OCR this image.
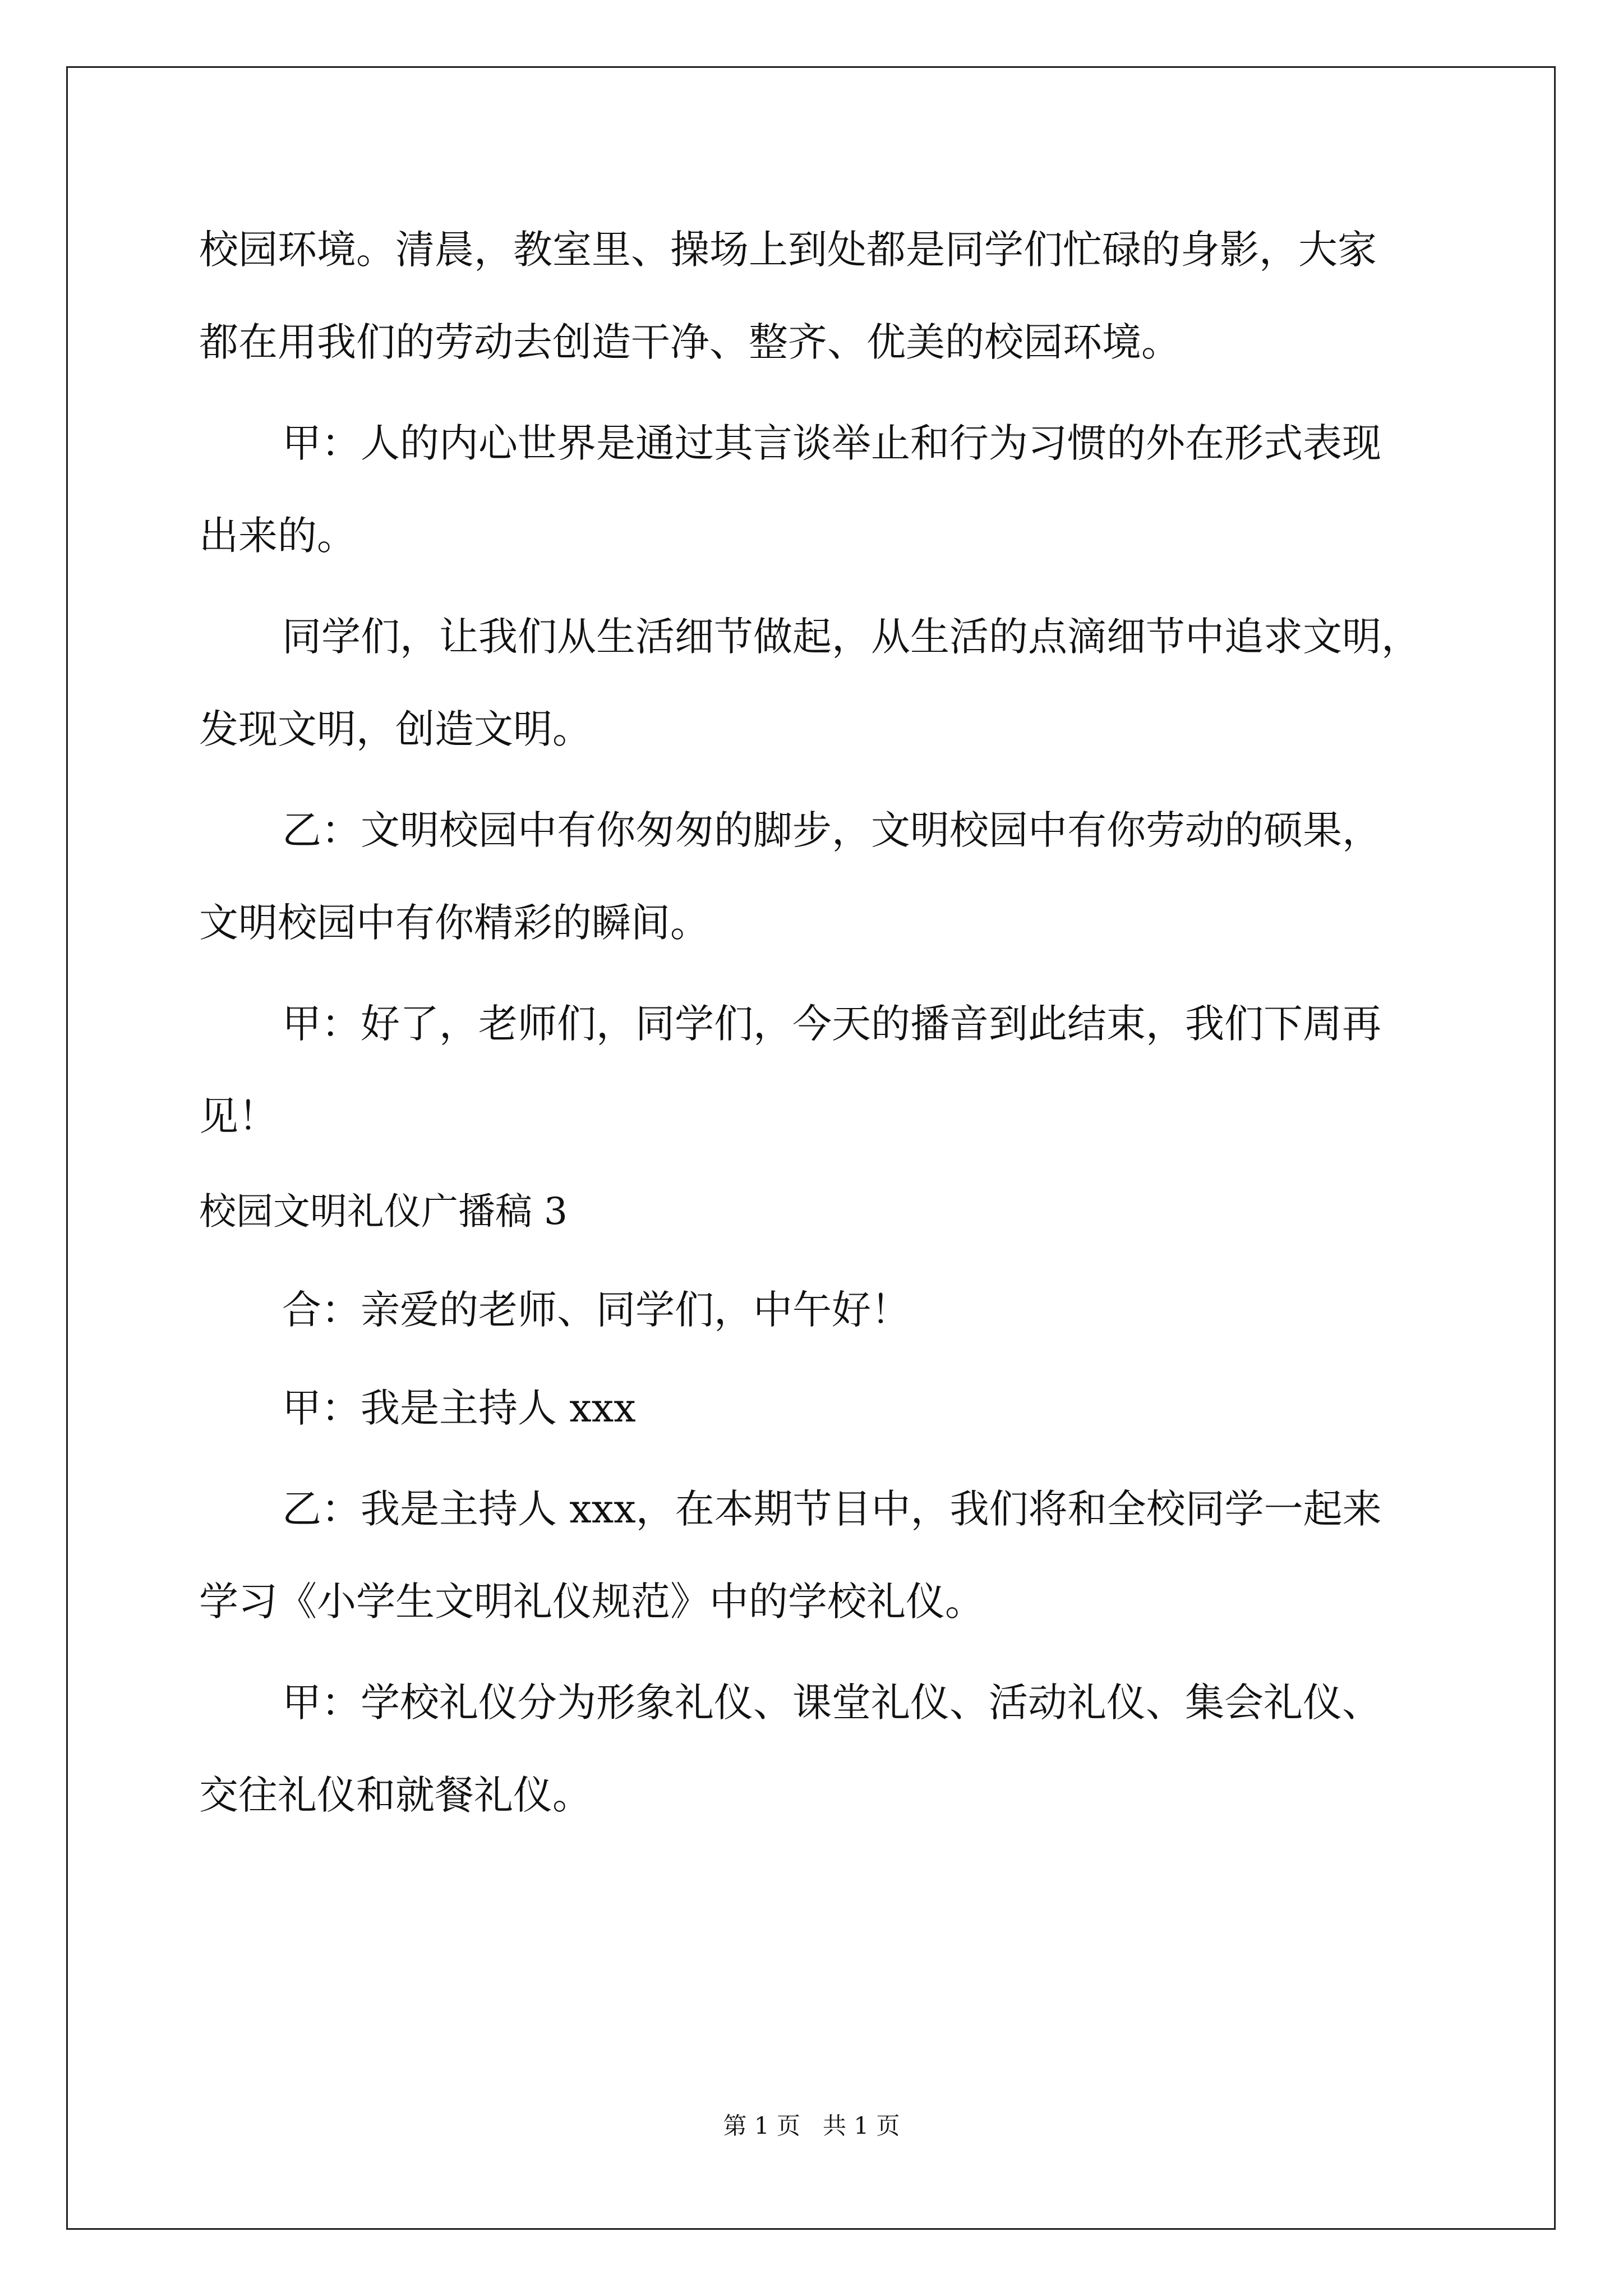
校园环境。清晨，教室里、操场上到处都是同学们忙碌的身影，大家
都在用我们的劳动去创造干净、整齐、优美的校园环境。
甲：人的内心世界是通过其言谈举止和行为习惯的外在形式表现
出来的。
同学们，让我们从生活细节做起，从生活的点滴细节中追求文明，
发现文明，创造文明。
乙：文明校园中有你匆匆的脚步，文明校园中有你劳动的硕果，
文明校园中有你精彩的瞬间。
甲：好了，老师们，同学们，今天的播音到此结束，我们下周再
见！
校园文明礼仪广播稿 3
合：亲爱的老师、同学们，中午好！
甲：我是主持人 xxx
乙：我是主持人 xxx，在本期节目中，我们将和全校同学一起来
学习《小学生文明礼仪规范》中的学校礼仪。
甲：学校礼仪分为形象礼仪、课堂礼仪、活动礼仪、集会礼仪、
交往礼仪和就餐礼仪。
第 1 页   共 1 页
